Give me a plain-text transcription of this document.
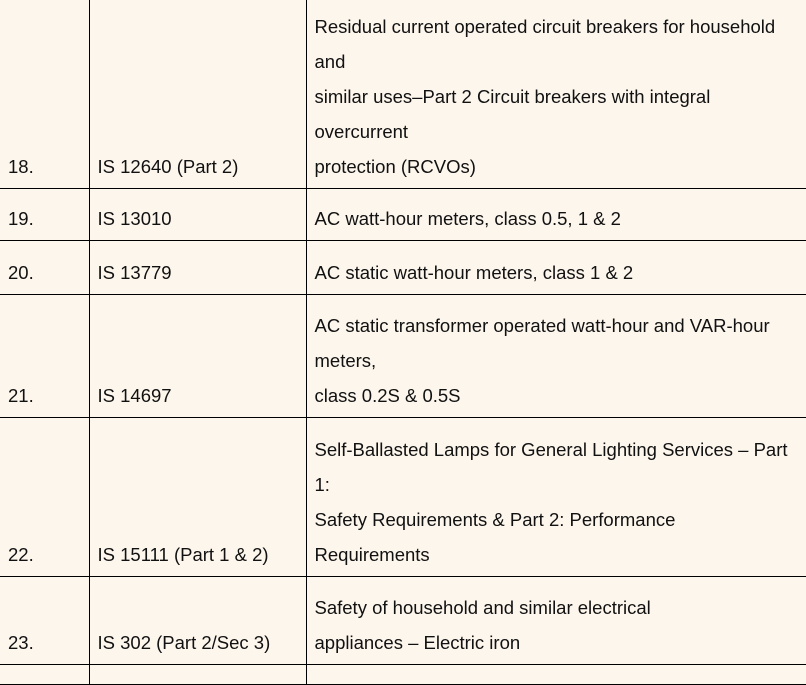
18.	IS 12640 (Part 2)	Residual current operated circuit breakers for household
and
similar uses–Part 2 Circuit breakers with integral
overcurrent
protection (RCVOs)

19.	IS 13010	AC watt-hour meters, class 0.5, 1 & 2

20.	IS 13779	AC static watt-hour meters, class 1 & 2

21.	IS 14697	AC static transformer operated watt-hour and VAR-hour
meters,
class 0.2S & 0.5S

22.	IS 15111 (Part 1 & 2)	Self-Ballasted Lamps for General Lighting Services – Part
1:
Safety Requirements & Part 2: Performance
Requirements

23.	IS 302 (Part 2/Sec 3)	Safety of household and similar electrical
appliances – Electric iron
